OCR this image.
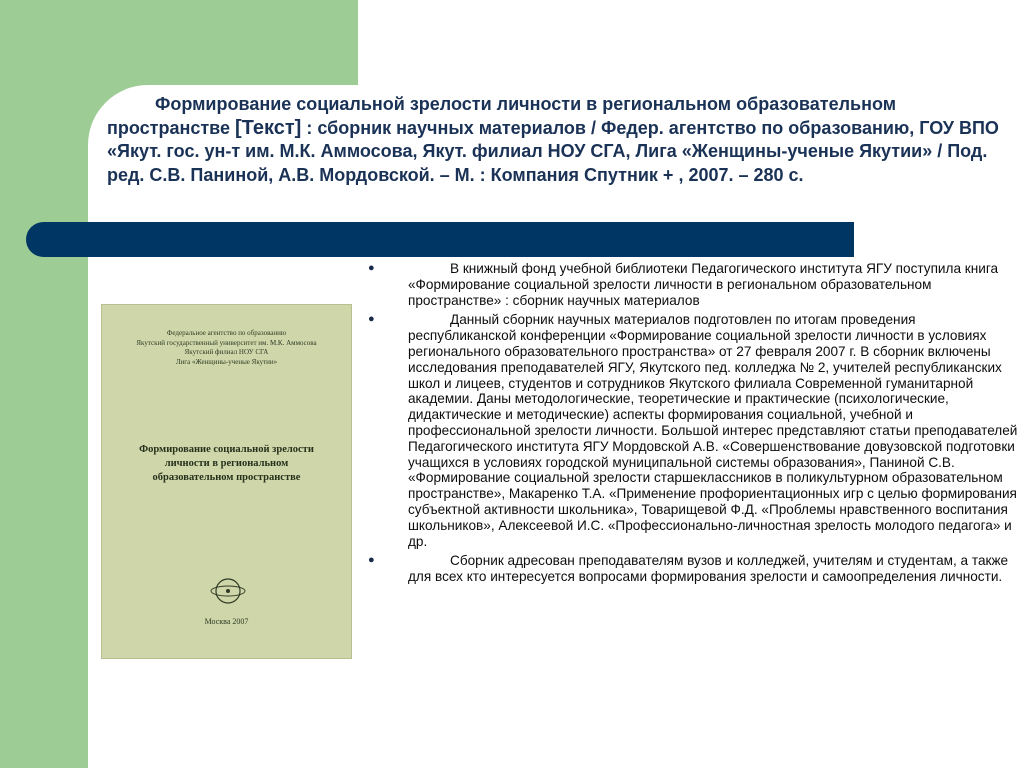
Формирование социальной зрелости личности в региональном образовательном пространстве [Текст] : сборник научных материалов / Федер. агентство по образованию, ГОУ ВПО «Якут. гос. ун-т им. М.К. Аммосова, Якут. филиал НОУ СГА, Лига «Женщины-ученые Якутии» / Под. ред. С.В. Паниной, А.В. Мордовской. – М. : Компания Спутник + , 2007. – 280 с.

Федеральное агентство по образованию
Якутский государственный университет им. М.К. Аммосова
Якутский филиал НОУ СГА
Лига «Женщины-ученые Якутии»
Формирование социальной зрелости
личности в региональном
образовательном пространстве
Москва 2007
●	В книжный фонд учебной библиотеки Педагогического института ЯГУ поступила книга «Формирование социальной зрелости личности в региональном образовательном пространстве» : сборник научных материалов
●	Данный сборник научных материалов подготовлен по итогам проведения республиканской конференции «Формирование социальной зрелости личности в условиях регионального образовательного пространства» от 27 февраля 2007 г. В сборник включены исследования преподавателей ЯГУ, Якутского пед. колледжа № 2, учителей республиканских школ и лицеев, студентов и сотрудников Якутского филиала Современной гуманитарной академии. Даны методологические, теоретические и практические (психологические, дидактические и методические) аспекты формирования социальной, учебной и профессиональной зрелости личности. Большой интерес представляют статьи преподавателей Педагогического института ЯГУ Мордовской А.В. «Совершенствование довузовской подготовки учащихся в условиях городской муниципальной системы образования», Паниной С.В. «Формирование социальной зрелости старшеклассников в поликультурном образовательном пространстве», Макаренко Т.А. «Применение профориентационных игр с целью формирования субъектной активности школьника», Товарищевой Ф.Д. «Проблемы нравственного воспитания школьников», Алексеевой И.С. «Профессионально-личностная зрелость молодого педагога» и др.
●	Сборник адресован преподавателям вузов и колледжей, учителям и студентам, а также для всех кто интересуется вопросами формирования зрелости и самоопределения личности.
